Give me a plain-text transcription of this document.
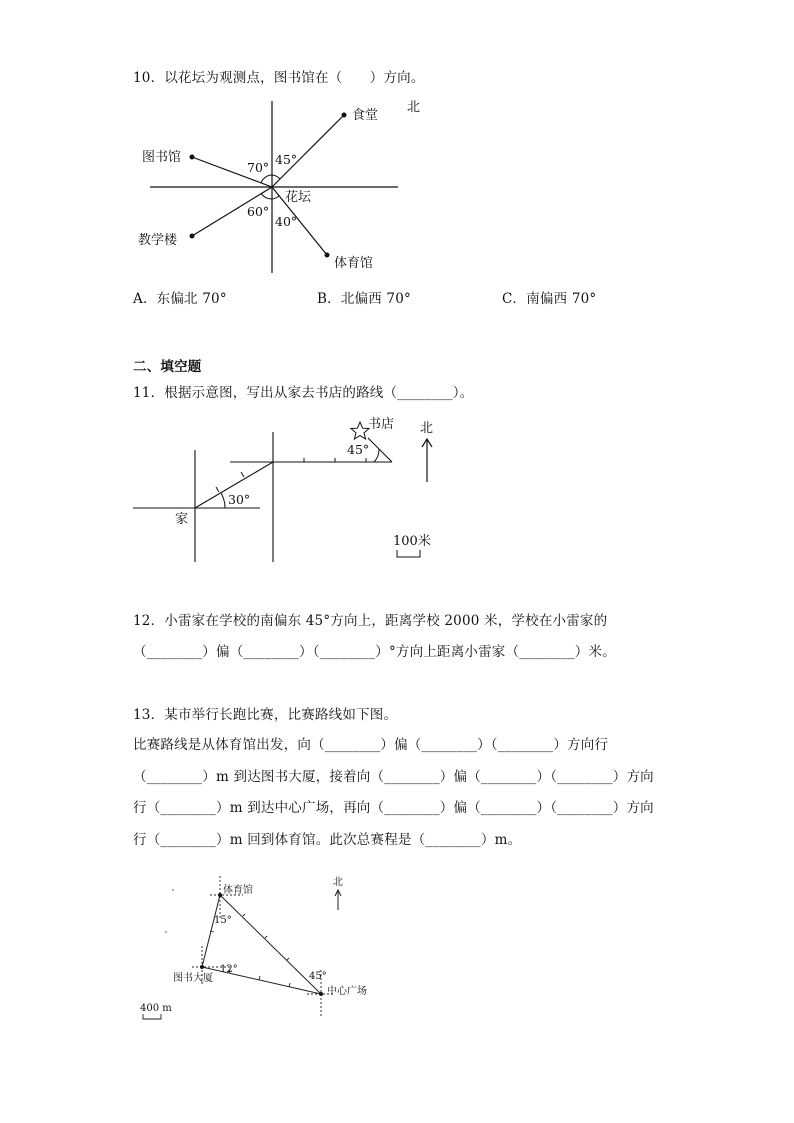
10．以花坛为观测点，图书馆在（　　）方向。
食堂
图书馆
教学楼
体育馆
花坛
70°
45°
60°
40°
北
A．东偏北 70°	B．北偏西 70°	C．南偏西 70°
二、填空题
11．根据示意图，写出从家去书店的路线（________）。
书店
45°
30°
家
北
100米
12．小雷家在学校的南偏东 45°方向上，距离学校 2000 米，学校在小雷家的
（________）偏（________）（________）°方向上距离小雷家（________）米。
13．某市举行长跑比赛，比赛路线如下图。
比赛路线是从体育馆出发，向（________）偏（________）（________）方向行
（________）m 到达图书大厦，接着向（________）偏（________）（________）方向
行（________）m 到达中心广场，再向（________）偏（________）（________）方向
行（________）m 回到体育馆。此次总赛程是（________）m。
体育馆
15°
12°
45°
图书大厦
中心广场
北
400 m
